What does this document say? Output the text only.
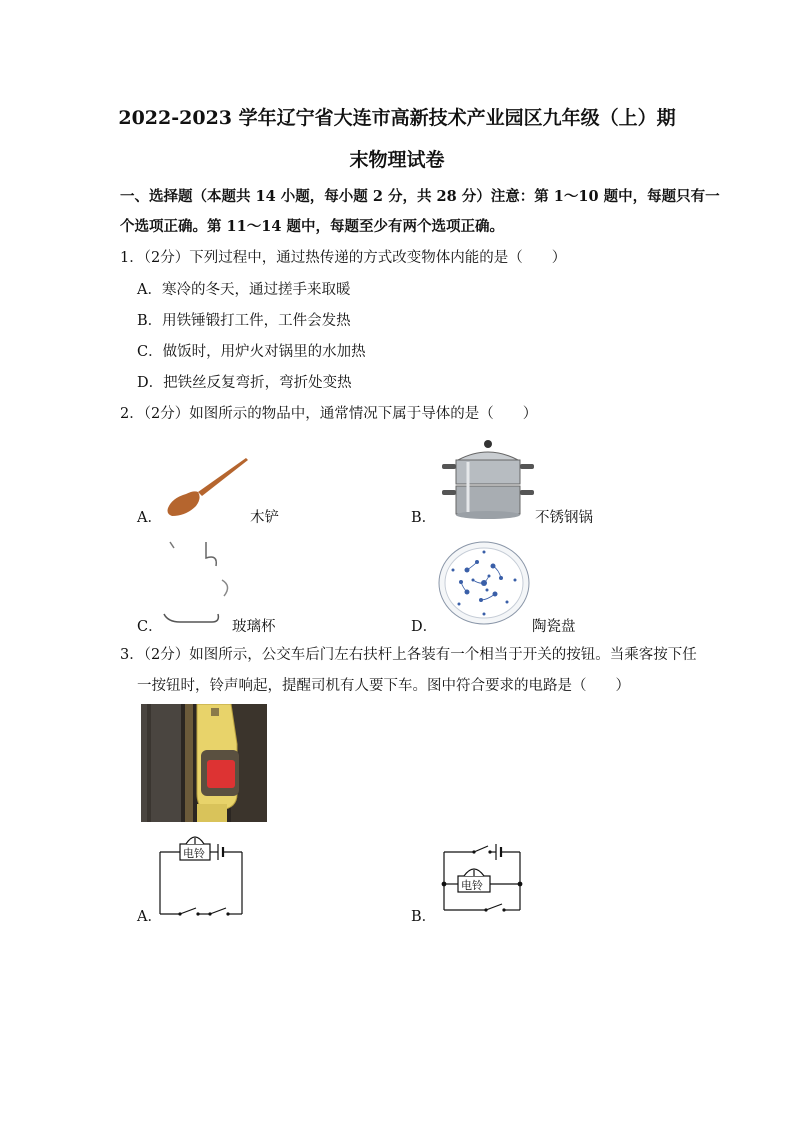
2022-2023 学年辽宁省大连市高新技术产业园区九年级（上）期
末物理试卷
一、选择题（本题共 14 小题，每小题 2 分，共 28 分）注意：第 1～10 题中，每题只有一
个选项正确。第 11～14 题中，每题至少有两个选项正确。
1．（2分）下列过程中，通过热传递的方式改变物体内能的是（　　）
A．寒冷的冬天，通过搓手来取暖
B．用铁锤锻打工件，工件会发热
C．做饭时，用炉火对锅里的水加热
D．把铁丝反复弯折，弯折处变热
2．（2分）如图所示的物品中，通常情况下属于导体的是（　　）
A．	木铲	B．	不锈钢锅
C．	玻璃杯	D．	陶瓷盘
3．（2分）如图所示，公交车后门左右扶杆上各装有一个相当于开关的按钮。当乘客按下任
一按钮时，铃声响起，提醒司机有人要下车。图中符合要求的电路是（　　）
电铃
A．
电铃
B．
